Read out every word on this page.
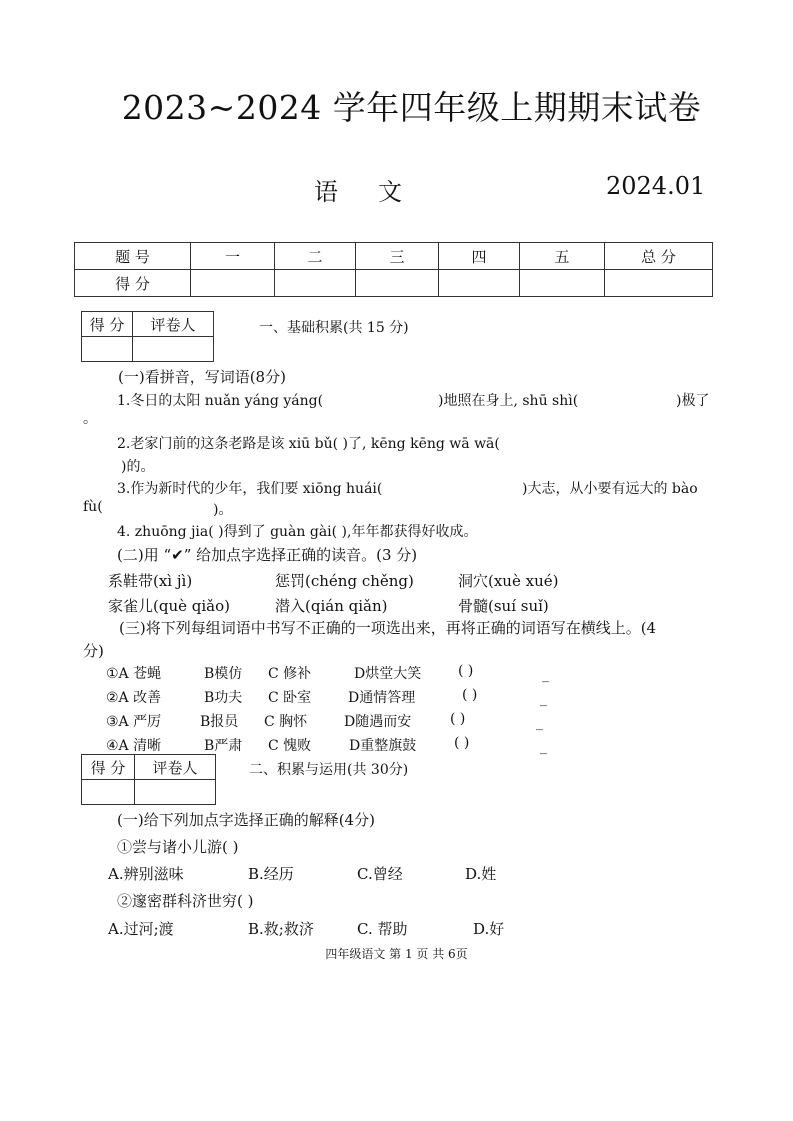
2023~2024 学年四年级上期期末试卷
语文	2024.01
题 号	一	二	三	四	五	总 分
得 分						
得 分	评卷人
		一、基础积累(共 15 分)
(一)看拼音，写词语(8分)
1.冬日的太阳 nuǎn yáng yáng(	)地照在身上, shū shì(	)极了
。
2.老家门前的这条老路是该 xiū bǔ( )了, kēng kēng wā wā(
)的。
3.作为新时代的少年，我们要 xiōng huái(	)大志，从小要有远大的 bào
fù(	)。
4. zhuōng jia( )得到了 guàn gài( ),年年都获得好收成。
(二)用 “✔” 给加点字选择正确的读音。(3 分)
系鞋带(xì jì)	惩罚(chéng chěng)	洞穴(xuè xué)
家雀儿(què qiǎo)	潜入(qián qiǎn)	骨髓(suí suǐ)
(三)将下列每组词语中书写不正确的一项选出来，再将正确的词语写在横线上。(4
分)
①A 苍蝇	B模仿 C 修补	D烘堂大笑	( )	_
②A 改善	B功夫 C 卧室	D通情答理	( )	_
③A 严厉	B报员 C 胸怀	D随遇而安	( )	_
④A 清晰	B严肃 C 愧败	D重整旗鼓	( )	_
得 分	评卷人
		二、积累与运用(共 30分)
(一)给下列加点字选择正确的解释(4分)
①尝与诸小儿游( )
A.辨别滋味	B.经历	C.曾经	D.姓
②邃密群科济世穷( )
A.过河;渡	B.救;救济	C. 帮助	D.好
四年级语文 第 1 页 共 6页
